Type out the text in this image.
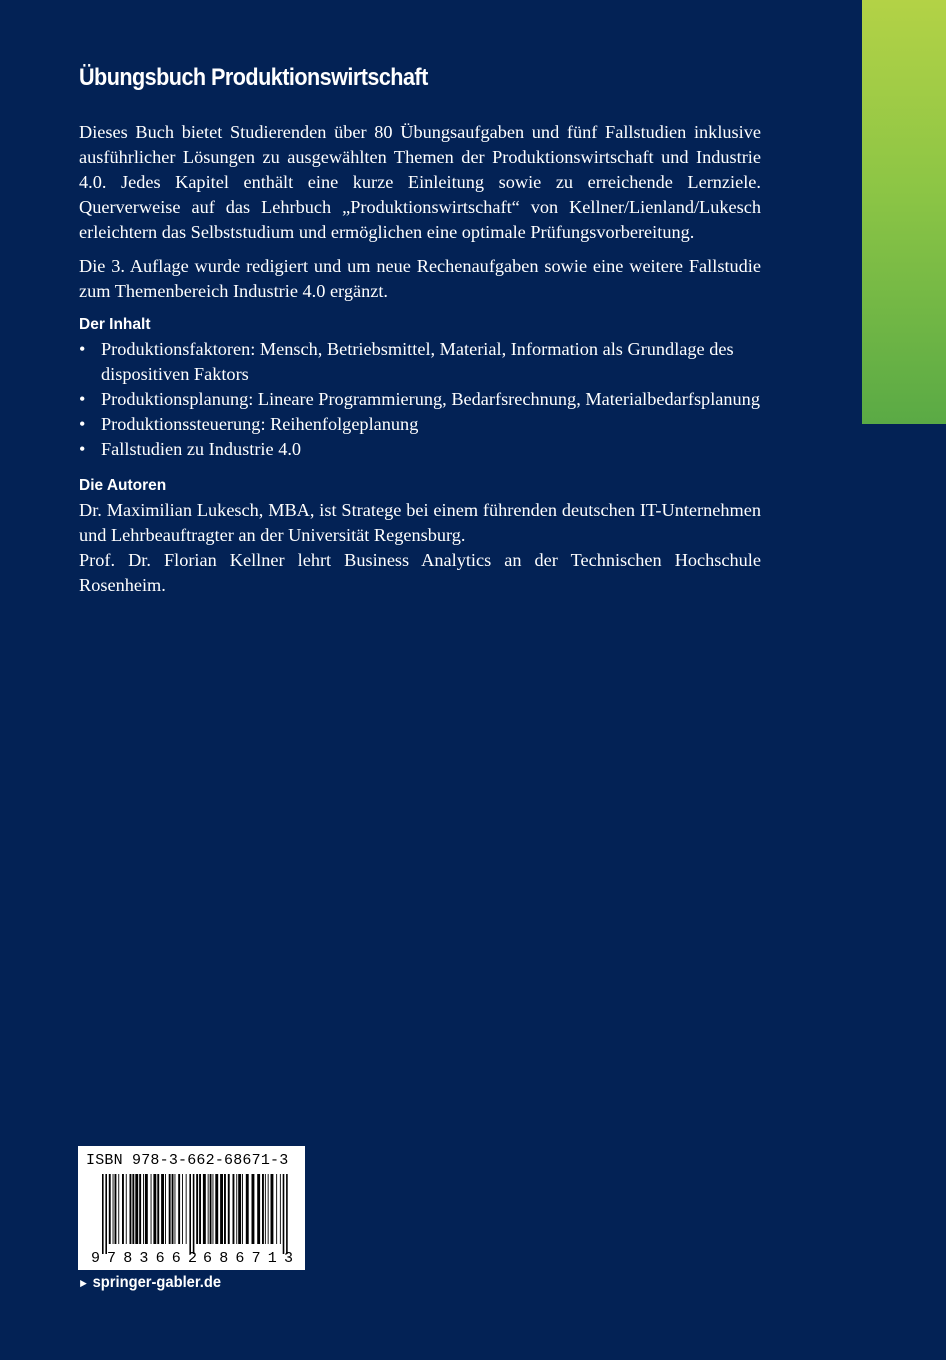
Übungsbuch Produktionswirtschaft

Dieses Buch bietet Studierenden über 80 Übungsaufgaben und fünf Fallstudien inklusive ausführlicher Lösungen zu ausgewählten Themen der Produktionswirtschaft und Industrie 4.0. Jedes Kapitel enthält eine kurze Einleitung sowie zu erreichende Lernziele. Querverweise auf das Lehrbuch „Produktionswirtschaft“ von Kellner/Lienland/Lukesch erleichtern das Selbststudium und ermöglichen eine optimale Prüfungsvorbereitung.

Die 3. Auflage wurde redigiert und um neue Rechenaufgaben sowie eine weitere Fallstudie zum Themenbereich Industrie 4.0 ergänzt.

Der Inhalt
• Produktionsfaktoren: Mensch, Betriebsmittel, Material, Information als Grundlage des dispositiven Faktors
• Produktionsplanung: Lineare Programmierung, Bedarfsrechnung, Materialbedarfsplanung
• Produktionssteuerung: Reihenfolgeplanung
• Fallstudien zu Industrie 4.0
Die Autoren

Dr. Maximilian Lukesch, MBA, ist Stratege bei einem führenden deutschen IT-Unternehmen und Lehrbeauftragter an der Universität Regensburg.

Prof. Dr. Florian Kellner lehrt Business Analytics an der Technischen Hochschule Rosenheim.

ISBN 978-3-662-68671-3
9 783662 686713
► springer-gabler.de
